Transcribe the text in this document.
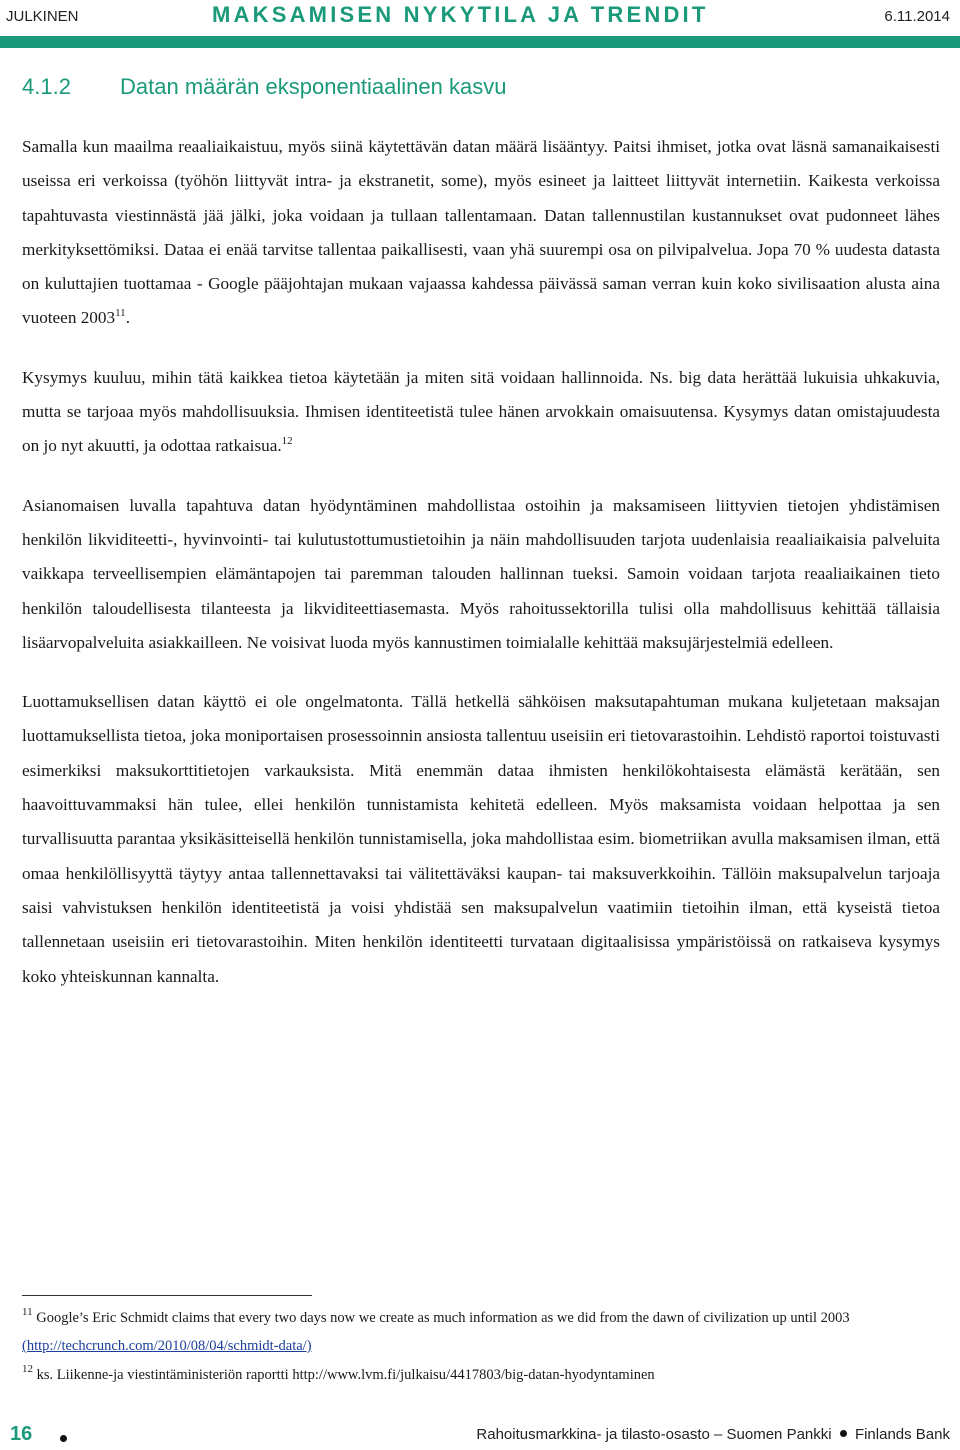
JULKINEN	MAKSAMISEN NYKYTILA JA TRENDIT	6.11.2014
4.1.2 Datan määrän eksponentiaalinen kasvu

Samalla kun maailma reaaliaikaistuu, myös siinä käytettävän datan määrä lisääntyy. Paitsi ihmiset, jotka ovat läsnä samanaikaisesti useissa eri verkoissa (työhön liittyvät intra- ja ekstranetit, some), myös esineet ja laitteet liittyvät internetiin. Kaikesta verkoissa tapahtuvasta viestinnästä jää jälki, joka voidaan ja tullaan tallentamaan. Datan tallennustilan kustannukset ovat pudonneet lähes merkityksettömiksi. Dataa ei enää tarvitse tallentaa paikallisesti, vaan yhä suurempi osa on pilvipalvelua. Jopa 70 % uudesta datasta on kuluttajien tuottamaa - Google pääjohtajan mukaan vajaassa kahdessa päivässä saman verran kuin koko sivilisaation alusta aina vuoteen 2003$^{11}$.

Kysymys kuuluu, mihin tätä kaikkea tietoa käytetään ja miten sitä voidaan hallinnoida. Ns. big data herättää lukuisia uhkakuvia, mutta se tarjoaa myös mahdollisuuksia. Ihmisen identiteetistä tulee hänen arvokkain omaisuutensa. Kysymys datan omistajuudesta on jo nyt akuutti, ja odottaa ratkaisua.$^{12}$

Asianomaisen luvalla tapahtuva datan hyödyntäminen mahdollistaa ostoihin ja maksamiseen liittyvien tietojen yhdistämisen henkilön likviditeetti-, hyvinvointi- tai kulutustottumustietoihin ja näin mahdollisuuden tarjota uudenlaisia reaaliaikaisia palveluita vaikkapa terveellisempien elämäntapojen tai paremman talouden hallinnan tueksi. Samoin voidaan tarjota reaaliaikainen tieto henkilön taloudellisesta tilanteesta ja likviditeettiasemasta. Myös rahoitussektorilla tulisi olla mahdollisuus kehittää tällaisia lisäarvopalveluita asiakkailleen. Ne voisivat luoda myös kannustimen toimialalle kehittää maksujärjestelmiä edelleen.

Luottamuksellisen datan käyttö ei ole ongelmatonta. Tällä hetkellä sähköisen maksutapahtuman mukana kuljetetaan maksajan luottamuksellista tietoa, joka moniportaisen prosessoinnin ansiosta tallentuu useisiin eri tietovarastoihin. Lehdistö raportoi toistuvasti esimerkiksi maksukorttitietojen varkauksista. Mitä enemmän dataa ihmisten henkilökohtaisesta elämästä kerätään, sen haavoittuvammaksi hän tulee, ellei henkilön tunnistamista kehitetä edelleen. Myös maksamista voidaan helpottaa ja sen turvallisuutta parantaa yksikäsitteisellä henkilön tunnistamisella, joka mahdollistaa esim. biometriikan avulla maksamisen ilman, että omaa henkilöllisyyttä täytyy antaa tallennettavaksi tai välitettäväksi kaupan- tai maksuverkkoihin. Tällöin maksupalvelun tarjoaja saisi vahvistuksen henkilön identiteetistä ja voisi yhdistää sen maksupalvelun vaatimiin tietoihin ilman, että kyseistä tietoa tallennetaan useisiin eri tietovarastoihin. Miten henkilön identiteetti turvataan digitaalisissa ympäristöissä on ratkaiseva kysymys koko yhteiskunnan kannalta.

$^{11}$ Google’s Eric Schmidt claims that every two days now we create as much information as we did from the dawn of civilization up until 2003 (http://techcrunch.com/2010/08/04/schmidt-data/)

$^{12}$ ks. Liikenne-ja viestintäministeriön raportti http://www.lvm.fi/julkaisu/4417803/big-datan-hyodyntaminen

16	Rahoitusmarkkina- ja tilasto-osasto – Suomen Pankki Finlands Bank
